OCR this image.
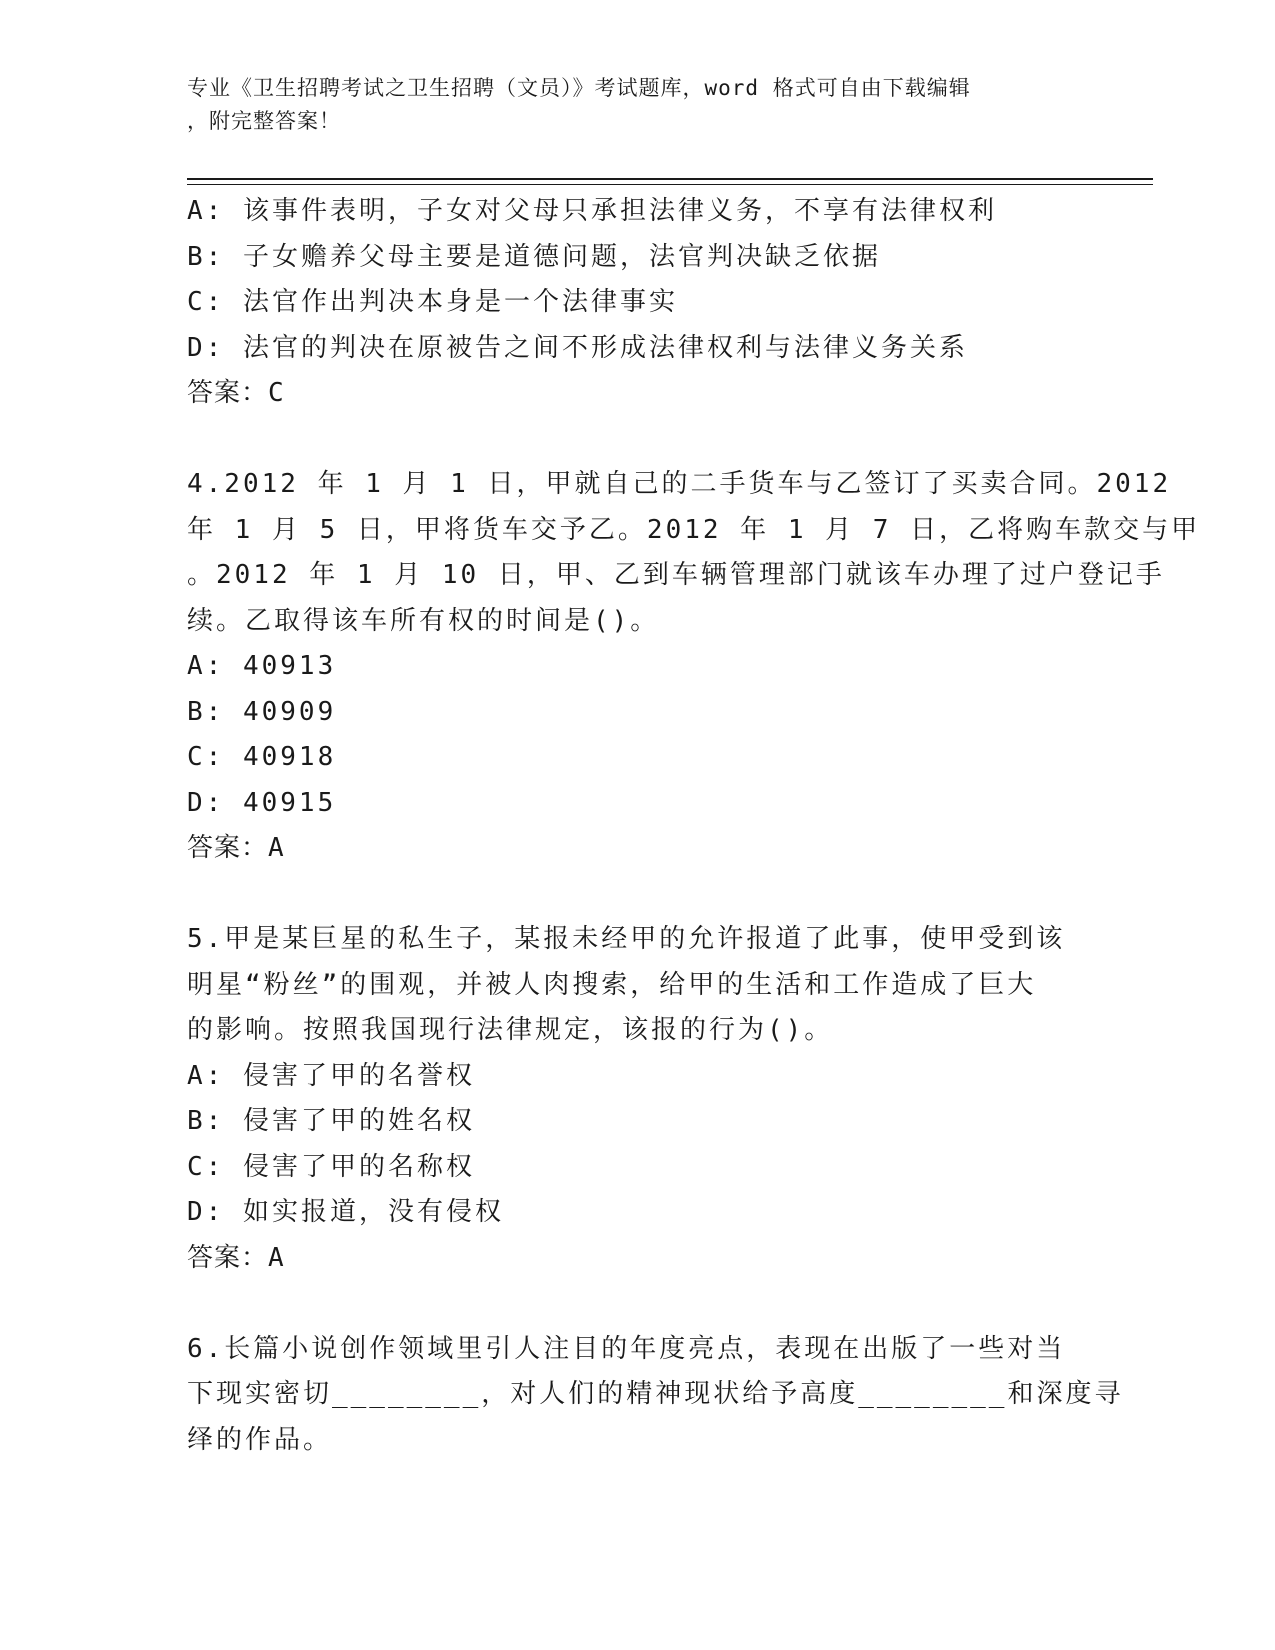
专业《卫生招聘考试之卫生招聘（文员）》考试题库，word 格式可自由下载编辑
，附完整答案！
A: 该事件表明，子女对父母只承担法律义务，不享有法律权利
B: 子女赡养父母主要是道德问题，法官判决缺乏依据
C: 法官作出判决本身是一个法律事实
D: 法官的判决在原被告之间不形成法律权利与法律义务关系
答案：C
4.2012 年 1 月 1 日，甲就自己的二手货车与乙签订了买卖合同。2012
年 1 月 5 日，甲将货车交予乙。2012 年 1 月 7 日，乙将购车款交与甲
。2012 年 1 月 10 日，甲、乙到车辆管理部门就该车办理了过户登记手
续。乙取得该车所有权的时间是()。
A: 40913
B: 40909
C: 40918
D: 40915
答案：A
5.甲是某巨星的私生子，某报未经甲的允许报道了此事，使甲受到该
明星“粉丝”的围观，并被人肉搜索，给甲的生活和工作造成了巨大
的影响。按照我国现行法律规定，该报的行为()。
A: 侵害了甲的名誉权
B: 侵害了甲的姓名权
C: 侵害了甲的名称权
D: 如实报道，没有侵权
答案：A
6.长篇小说创作领域里引人注目的年度亮点，表现在出版了一些对当
下现实密切________，对人们的精神现状给予高度________和深度寻
绎的作品。
